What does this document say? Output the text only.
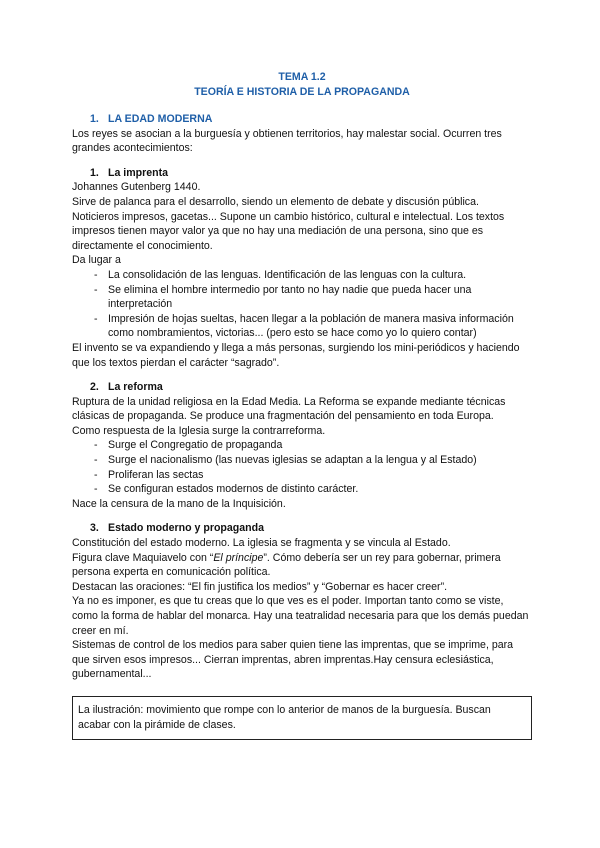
TEMA 1.2
TEORÍA E HISTORIA DE LA PROPAGANDA
1. LA EDAD MODERNA

Los reyes se asocian a la burguesía y obtienen territorios, hay malestar social. Ocurren tres grandes acontecimientos:

1. La imprenta

Johannes Gutenberg 1440.

Sirve de palanca para el desarrollo, siendo un elemento de debate y discusión pública.

Noticieros impresos, gacetas... Supone un cambio histórico, cultural e intelectual. Los textos impresos tienen mayor valor ya que no hay una mediación de una persona, sino que es directamente el conocimiento.

Da lugar a

- La consolidación de las lenguas. Identificación de las lenguas con la cultura.
- Se elimina el hombre intermedio por tanto no hay nadie que pueda hacer una interpretación
- Impresión de hojas sueltas, hacen llegar a la población de manera masiva información como nombramientos, victorias... (pero esto se hace como yo lo quiero contar)

El invento se va expandiendo y llega a más personas, surgiendo los mini-periódicos y haciendo que los textos pierdan el carácter “sagrado”.

2. La reforma

Ruptura de la unidad religiosa en la Edad Media. La Reforma se expande mediante técnicas clásicas de propaganda. Se produce una fragmentación del pensamiento en toda Europa.

Como respuesta de la Iglesia surge la contrarreforma.

- Surge el Congregatio de propaganda
- Surge el nacionalismo (las nuevas iglesias se adaptan a la lengua y al Estado)
- Proliferan las sectas
- Se configuran estados modernos de distinto carácter.

Nace la censura de la mano de la Inquisición.

3. Estado moderno y propaganda

Constitución del estado moderno. La iglesia se fragmenta y se vincula al Estado.

Figura clave Maquiavelo con “El príncipe”. Cómo debería ser un rey para gobernar, primera persona experta en comunicación política.

Destacan las oraciones: “El fin justifica los medios” y “Gobernar es hacer creer”.

Ya no es imponer, es que tu creas que lo que ves es el poder. Importan tanto como se viste, como la forma de hablar del monarca. Hay una teatralidad necesaria para que los demás puedan creer en mí.

Sistemas de control de los medios para saber quien tiene las imprentas, que se imprime, para que sirven esos impresos... Cierran imprentas, abren imprentas.Hay censura eclesiástica, gubernamental...

La ilustración: movimiento que rompe con lo anterior de manos de la burguesía. Buscan acabar con la pirámide de clases.
